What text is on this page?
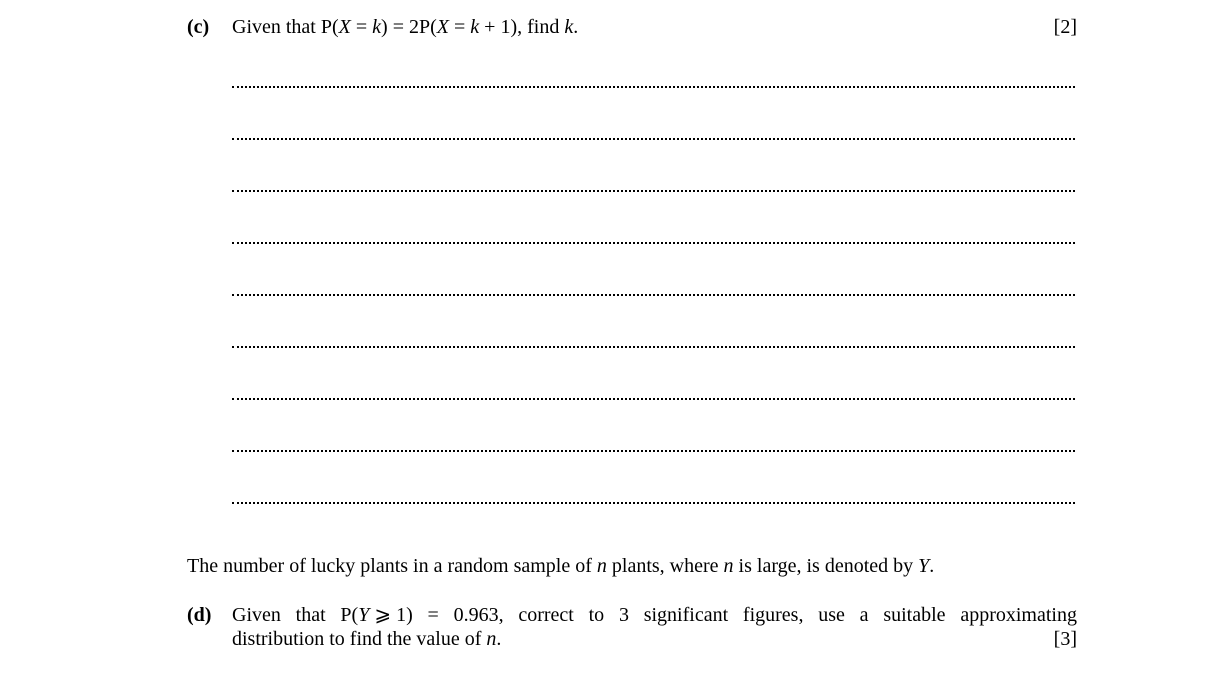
(c) Given that P(X = k) = 2P(X = k + 1), find k.	[2]
The number of lucky plants in a random sample of n plants, where n is large, is denoted by Y.
(d) Given that P(Y ⩾ 1) = 0.963, correct to 3 significant figures, use a suitable approximating
distribution to find the value of n.	[3]
